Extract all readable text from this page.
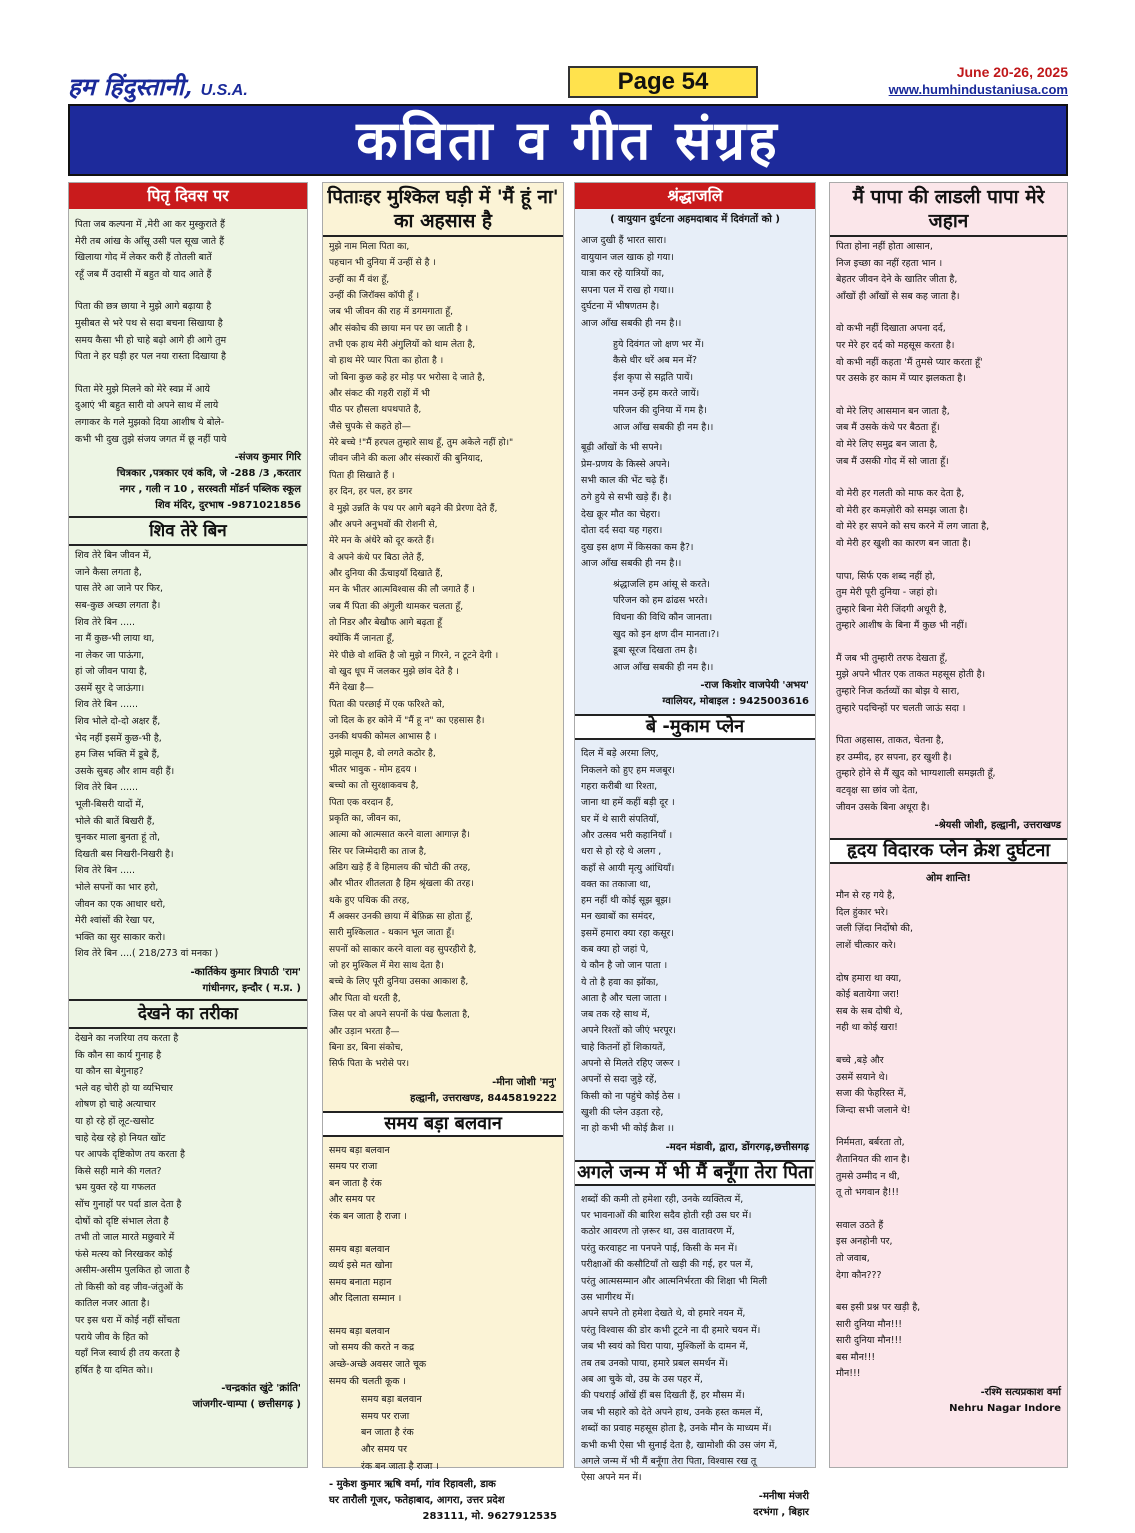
हम हिंदुस्तानी, U.S.A.	Page 54	June 20-26, 2025
www.humhindustaniusa.com
कविता व गीत संग्रह
पितृ दिवस पर
पिता जब कल्पना में ,मेरी आ कर मुस्कुराते हैं
मेरी तब आंख के आँसू उसी पल सूख जाते हैं
खिलाया गोद में लेकर करी हैं तोतली बातें
रहूँ जब मैं उदासी में बहुत वो याद आते हैं
पिता की छत्र छाया ने मुझे आगे बढ़ाया है
मुसीबत से भरे पथ से सदा बचना सिखाया है
समय कैसा भी हो चाहे बढ़ो आगे ही आगे तुम
पिता ने हर घड़ी हर पल नया रास्ता दिखाया है
पिता मेरे मुझे मिलने को मेरे स्वप्न में आये
दुआएं भी बहुत सारी वो अपने साथ में लाये
लगाकर के गले मुझको दिया आशीष ये बोले-
कभी भी दुख तुझे संजय जगत में छू नहीं पाये
-संजय कुमार गिरि
चित्रकार ,पत्रकार एवं कवि, जे -288 /3 ,करतार
नगर , गली न 10 , सरस्वती मॉडर्न पब्लिक स्कूल
शिव मंदिर, दुरभाष -9871021856
शिव तेरे बिन
शिव तेरे बिन जीवन में,
जाने कैसा लगता है,
पास तेरे आ जाने पर फिर,
सब-कुछ अच्छा लगता है।
शिव तेरे बिन .....
ना मैं कुछ-भी लाया था,
ना लेकर जा पाऊंगा,
हां जो जीवन पाया है,
उसमें सुर दे जाऊंगा।
शिव तेरे बिन ......
शिव भोले दो-दो अक्षर हैं,
भेद नहीं इसमें कुछ-भी है,
हम जिस भक्ति में डूबे हैं,
उसके सुबह और शाम वही हैं।
शिव तेरे बिन ......
भूली-बिसरी यादों में,
भोले की बातें बिखरी हैं,
चुनकर माला बुनता हूं तो,
दिखती बस निखरी-निखरी है।
शिव तेरे बिन .....
भोले सपनों का भार हरो,
जीवन का एक आधार धरो,
मेरी श्वांसों की रेखा पर,
भक्ति का सुर साकार करो।
शिव तेरे बिन ....( 218/273 वां मनका )
-कार्तिकेय कुमार त्रिपाठी 'राम'
गांधीनगर, इन्दौर ( म.प्र. )
देखने का तरीका
देखने का नजरिया तय करता है
कि कौन सा कार्य गुनाह है
या कौन सा बेगुनाह?
भले वह चोरी हो या व्यभिचार
शोषण हो चाहे अत्याचार
या हो रहे हों लूट-खसोट
चाहे देख रहे हो नियत खोंट
पर आपके दृष्टिकोण तय करता है
किसे सही माने की गलत?
भ्रम युक्त रहे या गफलत
सोंच गुनाहों पर पर्दा डाल देता है
दोषों को दृष्टि संभाल लेता है
तभी तो जाल मारते मछुवारे में
फंसे मत्स्य को निरखकर कोई
असीम-असीम पुलकित हो जाता है
तो किसी को वह जीव-जंतुओं के
कातिल नजर आता है।
पर इस धरा में कोई नहीं सोंचता
पराये जीव के हित को
यहाँ निज स्वार्थ ही तय करता है
हर्षित है या दमित को।।
-चन्द्रकांत खुंटे 'क्रांति'
जांजगीर-चाम्पा ( छत्तीसगढ़ )
पिताःहर मुश्किल घड़ी में 'मैं हूं ना' का अहसास है
मुझे नाम मिला पिता का,
पहचान भी दुनिया में उन्हीं से है ।
उन्हीं का मैं वंश हूँ,
उन्हीं की जिरॉक्स कॉपी हूँ ।
जब भी जीवन की राह में डगमगाता हूँ,
और संकोच की छाया मन पर छा जाती है ।
तभी एक हाथ मेरी अंगुलियों को थाम लेता है,
वो हाथ मेरे प्यार पिता का होता है ।
जो बिना कुछ कहे हर मोड़ पर भरोसा दे जाते है,
और संकट की गहरी राहों में भी
पीठ पर हौसला थपथपाते है,
जैसे चुपके से कहते हो—
मेरे बच्चे !"मैं हरपल तुम्हारे साथ हूँ, तुम अकेले नहीं हो।"
जीवन जीने की कला और संस्कारों की बुनियाद,
पिता ही सिखाते हैं ।
हर दिन, हर पल, हर डगर
वे मुझे उन्नति के पथ पर आगे बढ़ने की प्रेरणा देते हैं,
और अपने अनुभवों की रोशनी से,
मेरे मन के अंधेरे को दूर करते हैं।
वे अपने कंधे पर बिठा लेते हैं,
और दुनिया की ऊँचाइयाँ दिखाते हैं,
मन के भीतर आत्मविश्वास की लौ जगाते हैं ।
जब मैं पिता की अंगुली थामकर चलता हूँ,
तो निडर और बेखौफ आगे बढ़ता हूँ
क्योंकि मैं जानता हूँ,
मेरे पीछे वो शक्ति है जो मुझे न गिरने, न टूटने देगी ।
वो खुद धूप में जलकर मुझे छांव देते है ।
मैंने देखा है—
पिता की परछाई में एक फरिश्ते को,
जो दिल के हर कोने में "मैं हू न" का एहसास है।
उनकी थपकी कोमल आभास है ।
मुझे मालूम है, वो लगते कठोर है,
भीतर भावुक - मोम हृदय ।
बच्चो का तो सुरक्षाकवच है,
पिता एक वरदान हैं,
प्रकृति का, जीवन का,
आत्मा को आत्मसात करने वाला आगाज़ है।
सिर पर जिम्मेदारी का ताज है,
अडिग खड़े हैं वे हिमालय की चोटी की तरह,
और भीतर शीतलता है हिम श्रृंखला की तरह।
थके हुए पथिक की तरह,
मैं अक्सर उनकी छाया में बेफ़िक्र सा होता हूँ,
सारी मुश्किलात - थकान भूल जाता हूँ।
सपनों को साकार करने वाला वह सुपरहीरो है,
जो हर मुश्किल में मेरा साथ देता है।
बच्चे के लिए पूरी दुनिया उसका आकाश है,
और पिता वो धरती है,
जिस पर वो अपने सपनों के पंख फैलाता है,
और उड़ान भरता है—
बिना डर, बिना संकोच,
सिर्फ पिता के भरोसे पर।
-मीना जोशी 'मनु'
हल्द्वानी, उत्तराखण्ड, 8445819222
समय बड़ा बलवान
समय बड़ा बलवान
समय पर राजा
बन जाता है रंक
और समय पर
रंक बन जाता है राजा ।
समय बड़ा बलवान
व्यर्थ इसे मत खोना
समय बनाता महान
और दिलाता सम्मान ।
समय बड़ा बलवान
जो समय की करते न कद्र
अच्छे-अच्छे अवसर जाते चूक
समय की चलती कूक ।
समय बड़ा बलवान
समय पर राजा
बन जाता है रंक
और समय पर
रंक बन जाता है राजा ।
- मुकेश कुमार ऋषि वर्मा, गांव रिहावली, डाक
घर तारौली गूजर, फतेहाबाद, आगरा, उत्तर प्रदेश
283111, मो. 9627912535
श्रंद्धाजलि
( वायुयान दुर्घटना अहमदाबाद में दिवंगतों को )
आज दुखी हैं भारत सारा।
वायुयान जल खाक हो गया।
यात्रा कर रहे यात्रियों का,
सपना पल में राख हो गया।।
दुर्घटना में भीषणतम है।
आज आँख सबकी ही नम है।।
हुये दिवंगत जो क्षण भर में।
कैसे धीर धरें अब मन में?
ईश कृपा से सद्गति पायें।
नमन उन्हें हम करते जायें।
परिजन की दुनिया में गम है।
आज आँख सबकी ही नम है।।
बूढ़ी आँखों के भी सपने।
प्रेम-प्रणय के किस्से अपने।
सभी काल की भेंट चढ़े हैं।
ठगे हुये से सभी खड़े हैं। है।
देख क्रूर मौत का चेहरा।
दोता दर्द सदा यह गहरा।
दुख इस क्षण में किसका कम है?।
आज आँख सबकी ही नम है।।
श्रंद्धाजलि हम आंसू से करते।
परिजन को हम ढांढस भरते।
विधना की विधि कौन जानता।
खुद को इन क्षण दीन मानता।?।
डूबा सूरज दिखता तम है।
आज आँख सबकी ही नम है।।
-राज किशोर वाजपेयी 'अभय'
ग्वालियर, मोबाइल : 9425003616
बे -मुकाम प्लेन
दिल में बड़े अरमा लिए,
निकलने को हुए हम मजबूर।
गहरा करीबी था रिश्ता,
जाना था हमें कहीं बड़ी दूर ।
घर में थे सारी संपतियाँ,
और उत्सव भरी कहानियाँ ।
धरा से हो रहे थे अलग ,
कहाँ से आयी मृत्यु आंधियाँ।
वक्त का तकाजा था,
हम नहीं थी कोई सूझ बूझ।
मन ख्वाबों का समंदर,
इसमें हमारा क्या रहा कसूर।
कब क्या हो जहां पे,
ये कौन है जो जान पाता ।
ये तो है हवा का झोंका,
आता है और चला जाता ।
जब तक रहे साथ में,
अपने रिश्तों को जीएं भरपूर।
चाहे कितनों हों शिकायतें,
अपनो से मिलते रहिए जरूर ।
अपनों से सदा जुड़े रहें,
किसी को ना पहुंचे कोई ठेस ।
खुशी की प्लेन उड़ता रहे,
ना हो कभी भी कोई क्रैश ।।
-मदन मंडावी, द्वारा, डोंगरगढ़,छत्तीसगढ़
अगले जन्म में भी मैं बनूँगा तेरा पिता
शब्दों की कमी तो हमेशा रही, उनके व्यक्तित्व में,
पर भावनाओं की बारिश सदैव होती रही उस घर में।
कठोर आवरण तो ज़रूर था, उस वातावरण में,
परंतु करवाहट ना पनपने पाई, किसी के मन में।
परीक्षाओं की कसौटियाँ तो खड़ी की गई, हर पल में,
परंतु आत्मसम्मान और आत्मनिर्भरता की शिक्षा भी मिली
उस भागीरथ में।
अपने सपने तो हमेशा देखते थे, वो हमारे नयन में,
परंतु विश्वास की डोर कभी टूटने ना दी हमारे चयन में।
जब भी स्वयं को घिरा पाया, मुश्किलों के दामन में,
तब तब उनको पाया, हमारे प्रबल समर्थन में।
अब आ चुके वो, उम्र के उस पहर में,
की पथराई आँखें हीं बस दिखती हैं, हर मौसम में।
जब भी सहारे को देते अपने हाथ, उनके हस्त कमल में,
शब्दों का प्रवाह महसूस होता है, उनके मौन के माध्यम में।
कभी कभी ऐसा भी सुनाई देता है, खामोशी की उस जंग में,
अगले जन्म में भी मैं बनूँगा तेरा पिता, विश्वास रख तू
ऐसा अपने मन में।
-मनीषा मंजरी
दरभंगा , बिहार
मैं पापा की लाडली पापा मेरे जहान
पिता होना नहीं होता आसान,
निज इच्छा का नहीं रहता भान ।
बेहतर जीवन देने के खातिर जीता है,
आँखों ही आँखों से सब कह जाता है।
वो कभी नहीं दिखाता अपना दर्द,
पर मेरे हर दर्द को महसूस करता है।
वो कभी नहीं कहता 'मैं तुमसे प्यार करता हूँ'
पर उसके हर काम में प्यार झलकता है।
वो मेरे लिए आसमान बन जाता है,
जब मैं उसके कंधे पर बैठता हूँ।
वो मेरे लिए समुद्र बन जाता है,
जब मैं उसकी गोद में सो जाता हूँ।
वो मेरी हर गलती को माफ कर देता है,
वो मेरी हर कमज़ोरी को समझ जाता है।
वो मेरे हर सपने को सच करने में लग जाता है,
वो मेरी हर खुशी का कारण बन जाता है।
पापा, सिर्फ एक शब्द नहीं हो,
तुम मेरी पूरी दुनिया - जहां हो।
तुम्हारे बिना मेरी जिंदगी अधूरी है,
तुम्हारे आशीष के बिना मैं कुछ भी नहीं।
मैं जब भी तुम्हारी तरफ देखता हूँ,
मुझे अपने भीतर एक ताकत महसूस होती है।
तुम्हारे निज कर्तव्यों का बोझ ये सारा,
तुम्हारे पदचिन्हों पर चलती जाऊं सदा ।
पिता अहसास, ताकत, चेतना है,
हर उम्मीद, हर सपना, हर खुशी है।
तुम्हारे होने से मैं खुद को भाग्यशाली समझती हूँ,
वटवृक्ष सा छांव जो देता,
जीवन उसके बिना अधूरा है।
-श्रेयसी जोशी, हल्द्वानी, उत्तराखण्ड
हृदय विदारक प्लेन क्रेश दुर्घटना
ओम शान्ति!
मौन से रह गये है,
दिल हुंकार भरे।
जली ज़िंदा निर्दोषो की,
लाशें चीत्कार करे।
दोष हमारा था क्या,
कोई बतायेगा जरा!
सब के सब दोषी थे,
नही था कोई खरा!
बच्चे ,बड़े और
उसमें सयाने थे।
सजा की फेहरिस्त में,
जिन्दा सभी जलाने थे!
निर्ममता, बर्बरता तो,
शैतानियत की शान है।
तुमसे उम्मीद न थी,
तू तो भगवान है!!!
सवाल उठते हैं
इस अनहोनी पर,
तो जवाब,
देगा कौन???
बस इसी प्रश्न पर खड़ी है,
सारी दुनिया मौन!!!
सारी दुनिया मौन!!!
बस मौन!!!
मौन!!!
-रश्मि सत्यप्रकाश वर्मा
Nehru Nagar Indore
